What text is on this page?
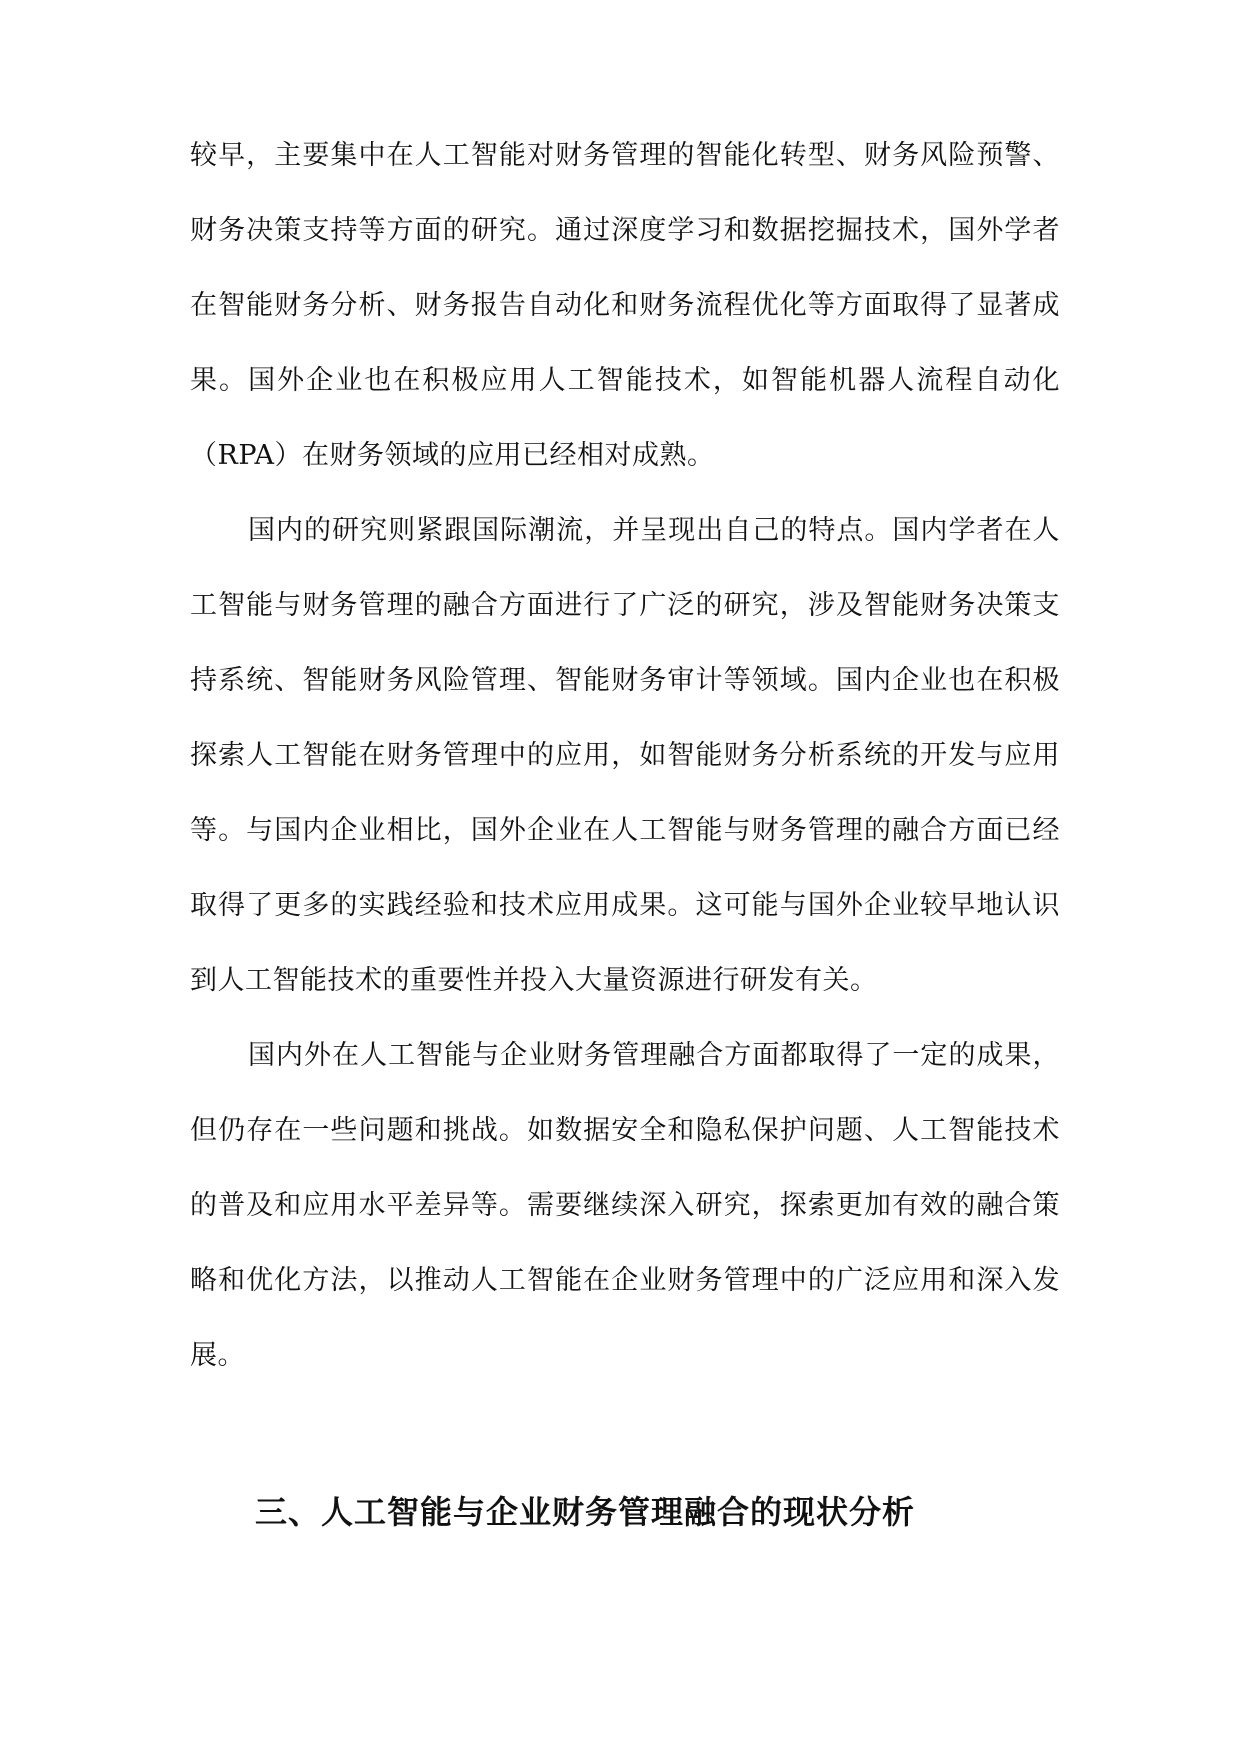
较早，主要集中在人工智能对财务管理的智能化转型、财务风险预警、财务决策支持等方面的研究。通过深度学习和数据挖掘技术，国外学者在智能财务分析、财务报告自动化和财务流程优化等方面取得了显著成果。国外企业也在积极应用人工智能技术，如智能机器人流程自动化（RPA）在财务领域的应用已经相对成熟。

国内的研究则紧跟国际潮流，并呈现出自己的特点。国内学者在人工智能与财务管理的融合方面进行了广泛的研究，涉及智能财务决策支持系统、智能财务风险管理、智能财务审计等领域。国内企业也在积极探索人工智能在财务管理中的应用，如智能财务分析系统的开发与应用等。与国内企业相比，国外企业在人工智能与财务管理的融合方面已经取得了更多的实践经验和技术应用成果。这可能与国外企业较早地认识到人工智能技术的重要性并投入大量资源进行研发有关。

国内外在人工智能与企业财务管理融合方面都取得了一定的成果，但仍存在一些问题和挑战。如数据安全和隐私保护问题、人工智能技术的普及和应用水平差异等。需要继续深入研究，探索更加有效的融合策略和优化方法，以推动人工智能在企业财务管理中的广泛应用和深入发展。

三、人工智能与企业财务管理融合的现状分析
